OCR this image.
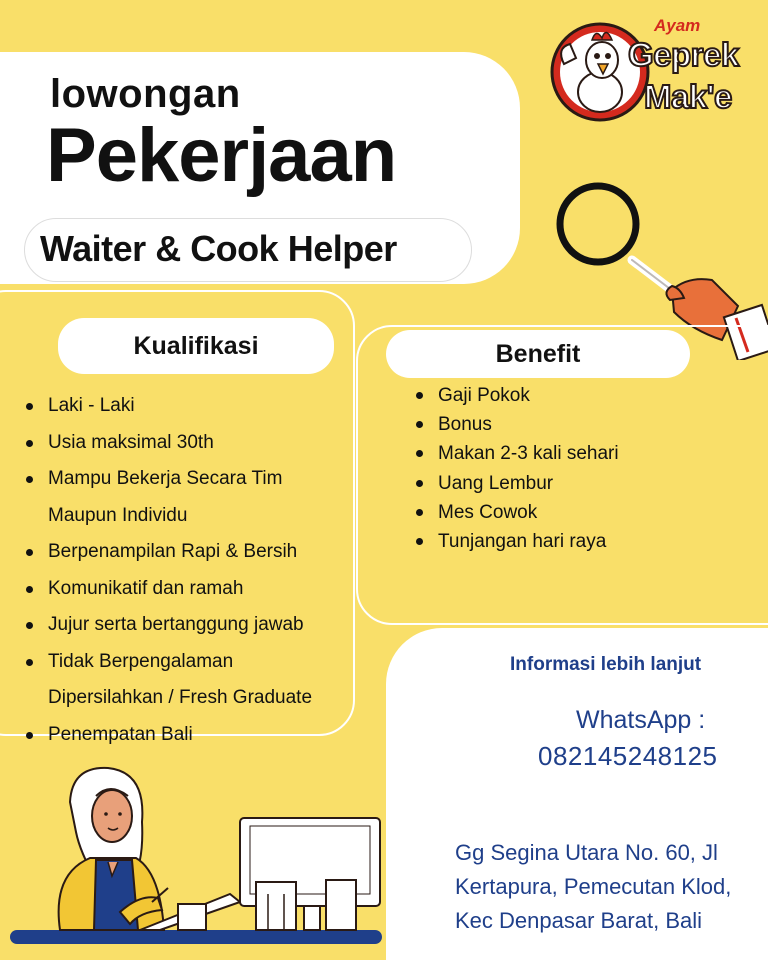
lowongan
Pekerjaan
Waiter & Cook Helper
Ayam
Geprek
Mak'e
Kualifikasi
Laki - Laki
Usia maksimal 30th
Mampu Bekerja Secara Tim
Maupun Individu
Berpenampilan Rapi & Bersih
Komunikatif dan ramah
Jujur serta bertanggung jawab
Tidak Berpengalaman
Dipersilahkan / Fresh Graduate
Penempatan Bali
Benefit
Gaji Pokok
Bonus
Makan 2-3 kali sehari
Uang Lembur
Mes Cowok
Tunjangan hari raya
Informasi lebih lanjut
WhatsApp :
082145248125
Gg Segina Utara No. 60, Jl
Kertapura, Pemecutan Klod,
Kec Denpasar Barat, Bali
